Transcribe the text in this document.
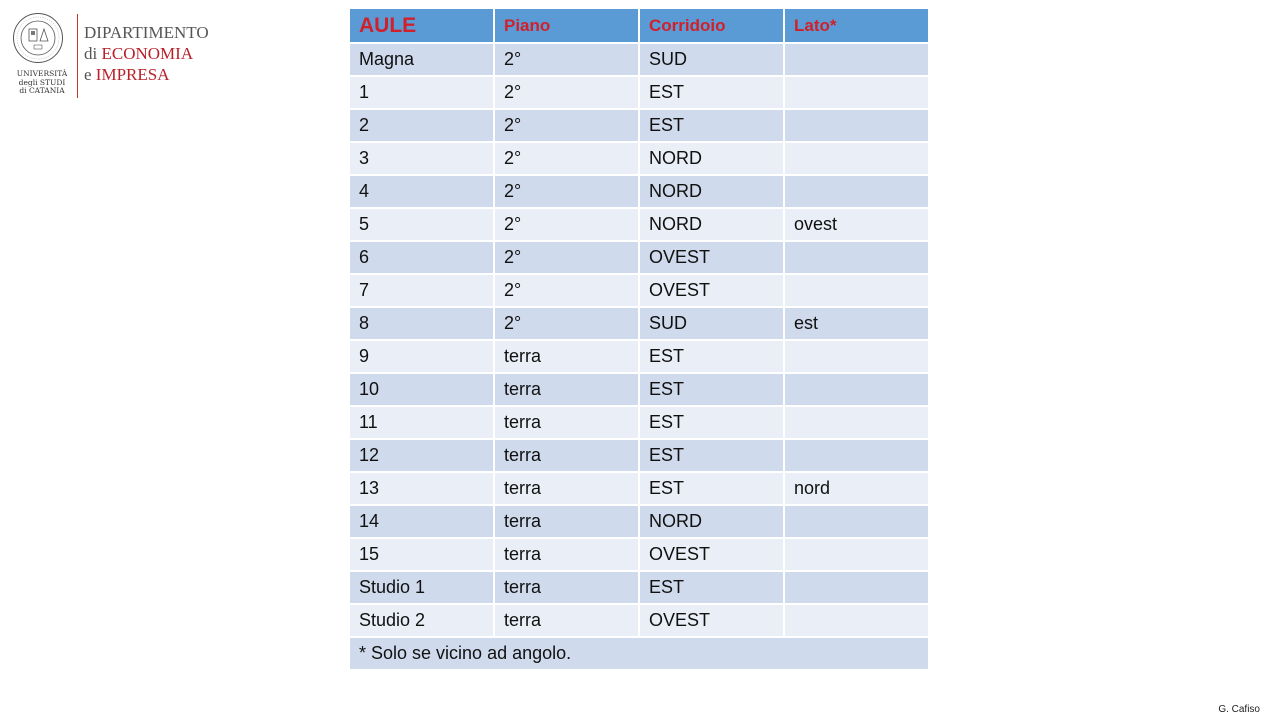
UNIVERSITÀ
degli STUDI
di CATANIA
DIPARTIMENTO
di ECONOMIA
e IMPRESA
AULE	Piano	Corridoio	Lato*
Magna	2°	SUD	
1	2°	EST	
2	2°	EST	
3	2°	NORD	
4	2°	NORD	
5	2°	NORD	ovest
6	2°	OVEST	
7	2°	OVEST	
8	2°	SUD	est
9	terra	EST	
10	terra	EST	
11	terra	EST	
12	terra	EST	
13	terra	EST	nord
14	terra	NORD	
15	terra	OVEST	
Studio 1	terra	EST	
Studio 2	terra	OVEST	
* Solo se vicino ad angolo.			
G. Cafiso
